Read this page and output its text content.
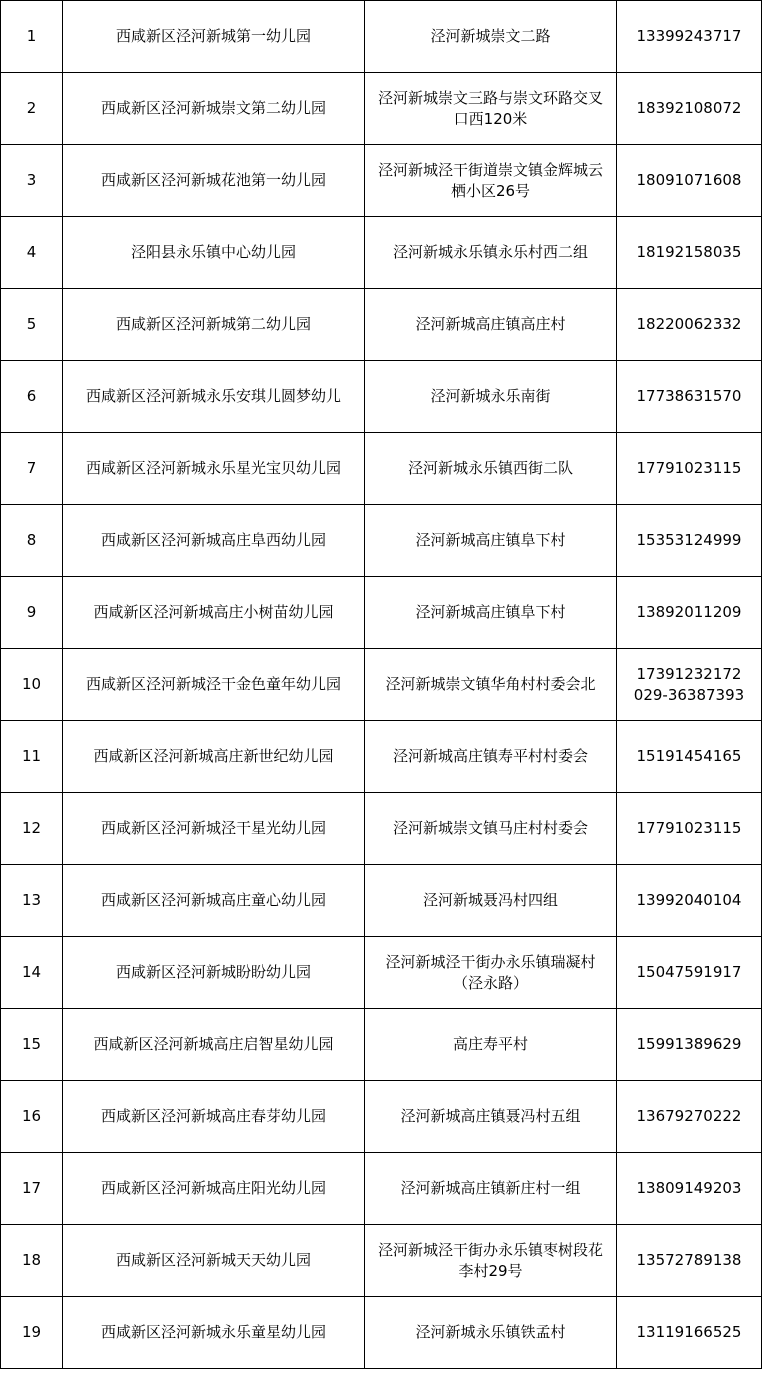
1	西咸新区泾河新城第一幼儿园	泾河新城崇文二路	13399243717

2	西咸新区泾河新城崇文第二幼儿园	泾河新城崇文三路与崇文环路交叉
口西120米	18392108072

3	西咸新区泾河新城花池第一幼儿园	泾河新城泾干街道崇文镇金辉城云
栖小区26号	18091071608

4	泾阳县永乐镇中心幼儿园	泾河新城永乐镇永乐村西二组	18192158035

5	西咸新区泾河新城第二幼儿园	泾河新城高庄镇高庄村	18220062332

6	西咸新区泾河新城永乐安琪儿圆梦幼儿	泾河新城永乐南街	17738631570

7	西咸新区泾河新城永乐星光宝贝幼儿园	泾河新城永乐镇西街二队	17791023115

8	西咸新区泾河新城高庄阜西幼儿园	泾河新城高庄镇阜下村	15353124999

9	西咸新区泾河新城高庄小树苗幼儿园	泾河新城高庄镇阜下村	13892011209

10	西咸新区泾河新城泾干金色童年幼儿园	泾河新城崇文镇华角村村委会北	17391232172
029-36387393

11	西咸新区泾河新城高庄新世纪幼儿园	泾河新城高庄镇寿平村村委会	15191454165

12	西咸新区泾河新城泾干星光幼儿园	泾河新城崇文镇马庄村村委会	17791023115

13	西咸新区泾河新城高庄童心幼儿园	泾河新城聂冯村四组	13992040104

14	西咸新区泾河新城盼盼幼儿园	泾河新城泾干街办永乐镇瑞凝村
（泾永路）	15047591917

15	西咸新区泾河新城高庄启智星幼儿园	高庄寿平村	15991389629

16	西咸新区泾河新城高庄春芽幼儿园	泾河新城高庄镇聂冯村五组	13679270222

17	西咸新区泾河新城高庄阳光幼儿园	泾河新城高庄镇新庄村一组	13809149203

18	西咸新区泾河新城天天幼儿园	泾河新城泾干街办永乐镇枣树段花
李村29号	13572789138

19	西咸新区泾河新城永乐童星幼儿园	泾河新城永乐镇铁孟村	13119166525
